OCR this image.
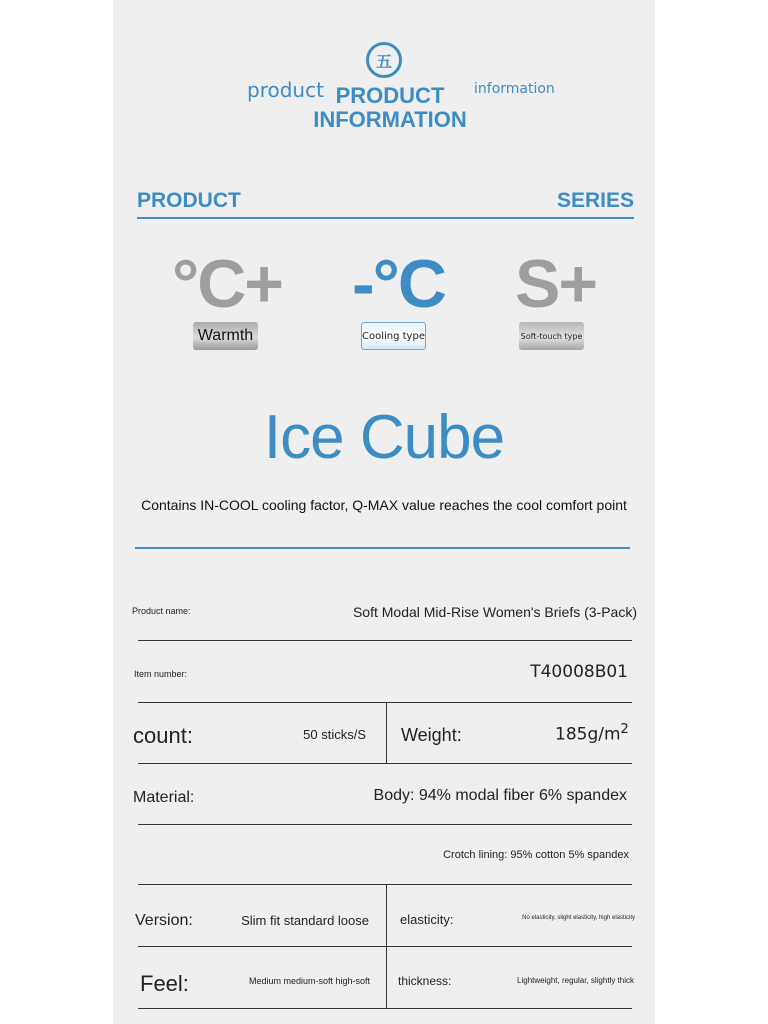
五
product PRODUCT
INFORMATION
information
PRODUCT	SERIES
°C+
Warmth
-°C
Cooling type
S+
Soft-touch type
Ice Cube
Contains IN-COOL cooling factor, Q-MAX value reaches the cool comfort point
Product name:	Soft Modal Mid-Rise Women's Briefs (3-Pack)
Item number:	T40008B01
count:	50 sticks/S Weight:	$185g/m^2$
Material:	Body: 94% modal fiber 6% spandex
Crotch lining: 95% cotton 5% spandex
Version:	Slim fit standard loose elasticity:	No elasticity, slight elasticity, high elasticity
Feel:	Medium medium-soft high-soft thickness:	Lightweight, regular, slightly thick
